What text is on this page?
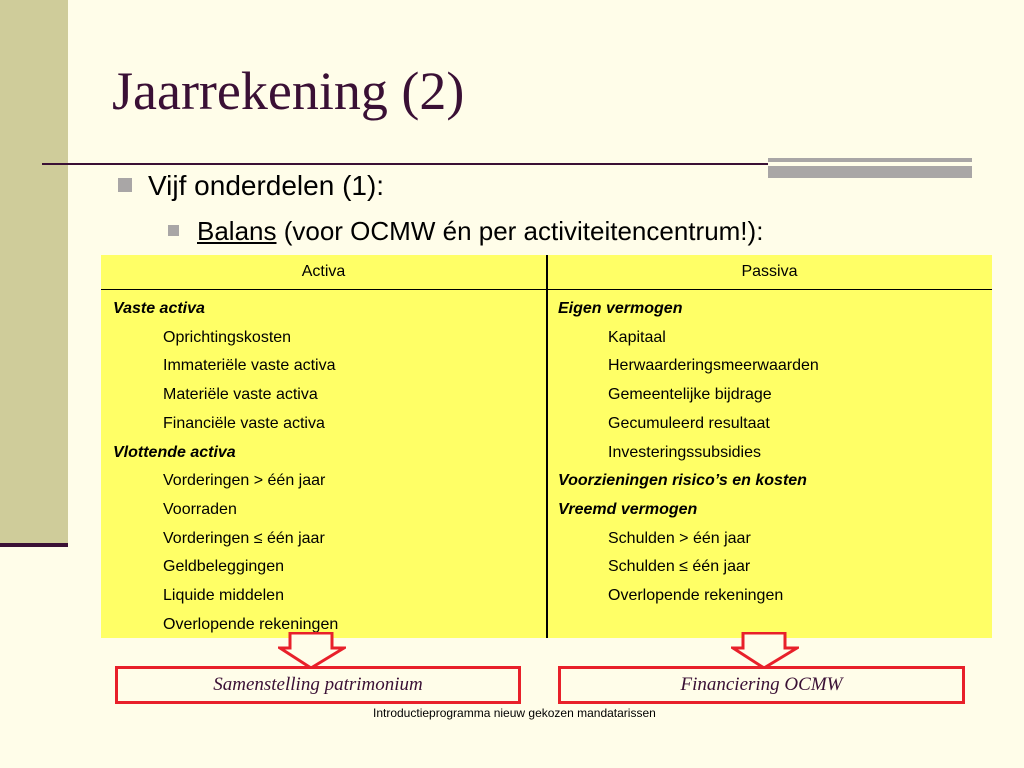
Jaarrekening (2)
Vijf onderdelen (1):
Balans (voor OCMW én per activiteitencentrum!):
Activa	Passiva
Vaste activa
Oprichtingskosten
Immateriële vaste activa
Materiële vaste activa
Financiële vaste activa
Vlottende activa
Vorderingen > één jaar
Voorraden
Vorderingen ≤ één jaar
Geldbeleggingen
Liquide middelen
Overlopende rekeningen
Eigen vermogen
Kapitaal
Herwaarderingsmeerwaarden
Gemeentelijke bijdrage
Gecumuleerd resultaat
Investeringssubsidies
Voorzieningen risico’s en kosten
Vreemd vermogen
Schulden > één jaar
Schulden ≤ één jaar
Overlopende rekeningen
Samenstelling patrimonium	Financiering OCMW
Introductieprogramma nieuw gekozen mandatarissen
